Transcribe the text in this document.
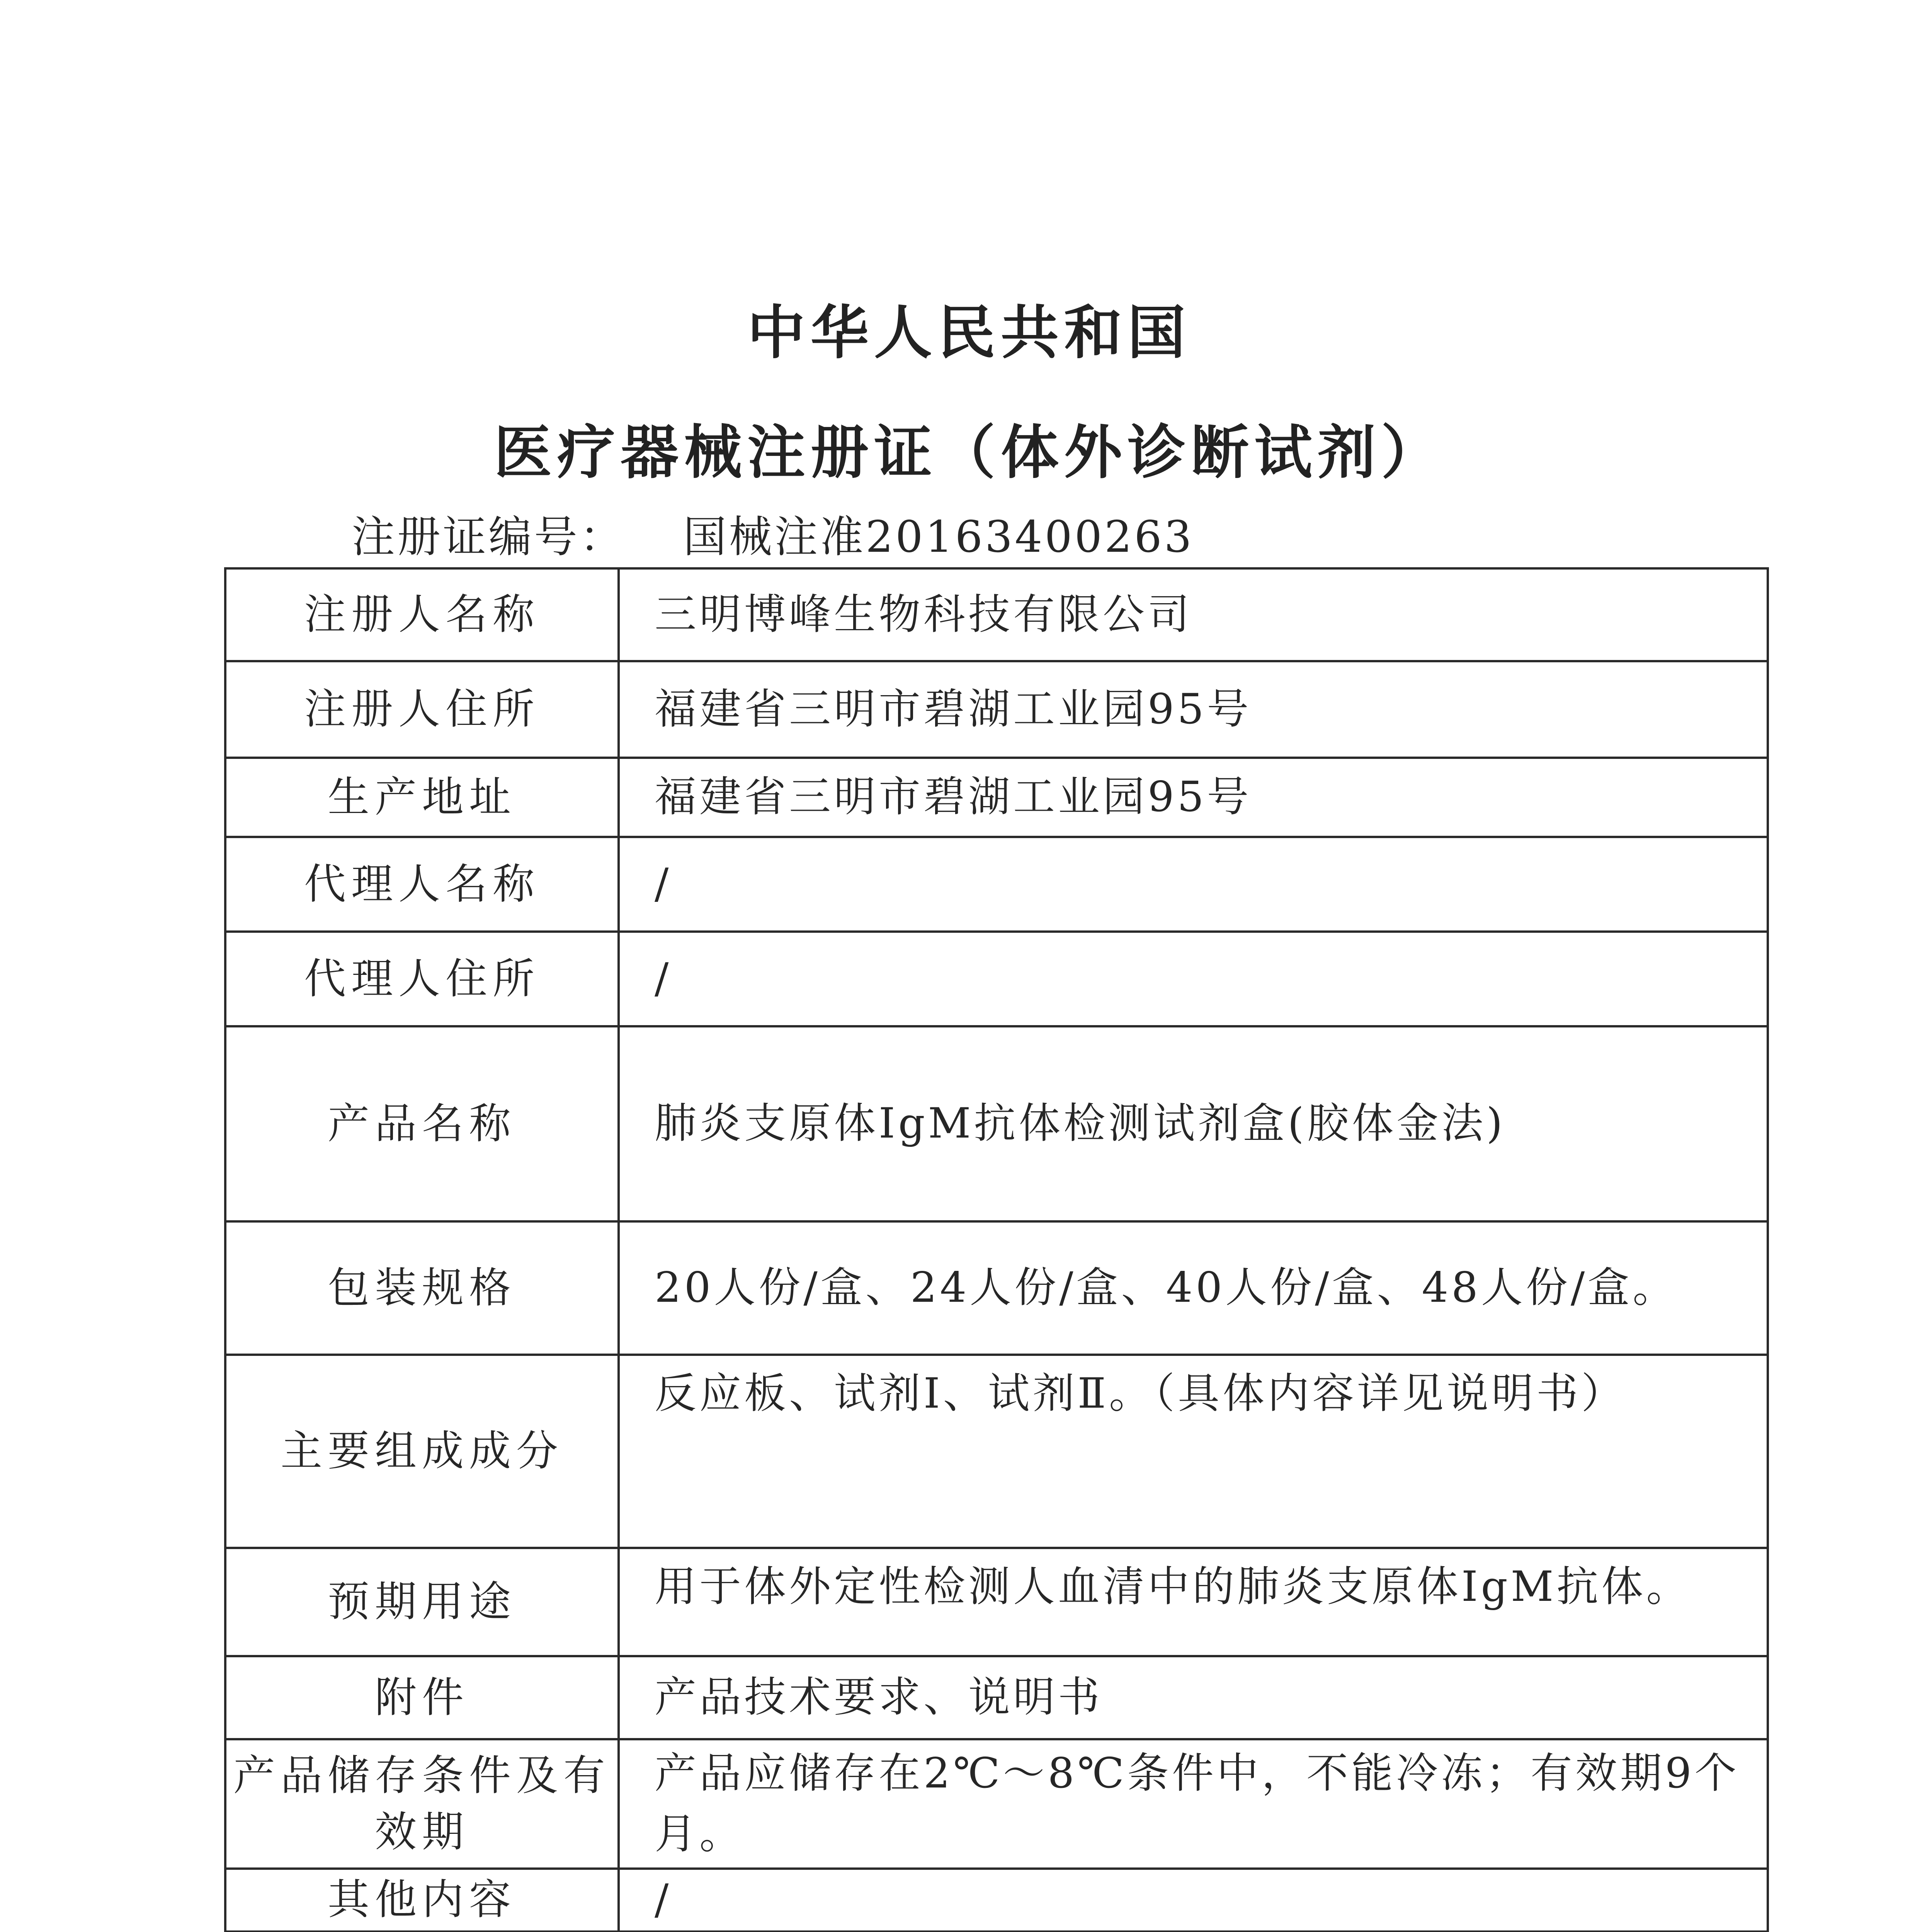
中华人民共和国
医疗器械注册证（体外诊断试剂）
注册证编号： 国械注准20163400263
注册人名称	三明博峰生物科技有限公司
注册人住所	福建省三明市碧湖工业园95号
生产地址	福建省三明市碧湖工业园95号
代理人名称	/
代理人住所	/
产品名称	肺炎支原体IgM抗体检测试剂盒(胶体金法)
包装规格	20人份/盒、24人份/盒、40人份/盒、48人份/盒。
主要组成成分	反应板、试剂Ⅰ、试剂Ⅱ。（具体内容详见说明书）
预期用途	用于体外定性检测人血清中的肺炎支原体IgM抗体。
附件	产品技术要求、说明书
产品储存条件及有效期	产品应储存在2℃～8℃条件中，不能冷冻；有效期9个月。
其他内容	/
